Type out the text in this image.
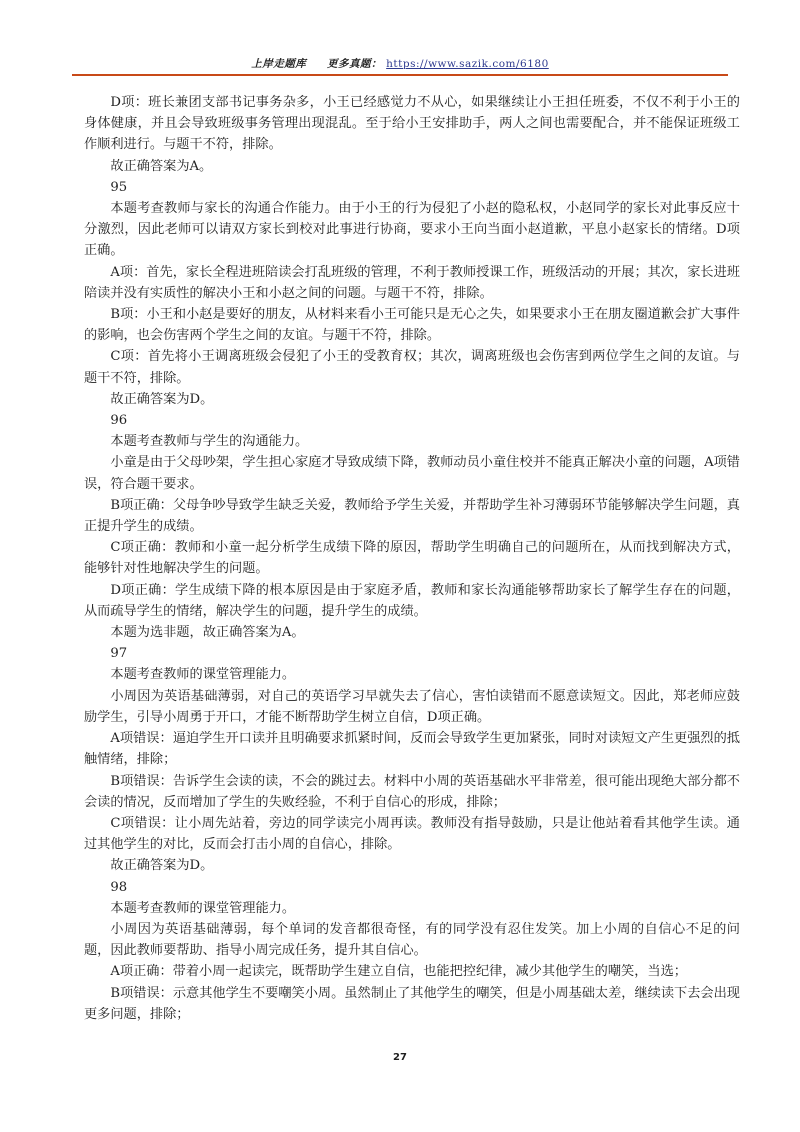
上岸走题库 更多真题： https://www.sazik.com/6180

D项：班长兼团支部书记事务杂多，小王已经感觉力不从心，如果继续让小王担任班委，不仅不利于小王的身体健康，并且会导致班级事务管理出现混乱。至于给小王安排助手，两人之间也需要配合，并不能保证班级工作顺利进行。与题干不符，排除。

故正确答案为A。

95

本题考查教师与家长的沟通合作能力。由于小王的行为侵犯了小赵的隐私权，小赵同学的家长对此事反应十分激烈，因此老师可以请双方家长到校对此事进行协商，要求小王向当面小赵道歉，平息小赵家长的情绪。D项正确。

A项：首先，家长全程进班陪读会打乱班级的管理，不利于教师授课工作，班级活动的开展；其次，家长进班陪读并没有实质性的解决小王和小赵之间的问题。与题干不符，排除。

B项：小王和小赵是要好的朋友，从材料来看小王可能只是无心之失，如果要求小王在朋友圈道歉会扩大事件的影响，也会伤害两个学生之间的友谊。与题干不符，排除。

C项：首先将小王调离班级会侵犯了小王的受教育权；其次，调离班级也会伤害到两位学生之间的友谊。与题干不符，排除。

故正确答案为D。

96

本题考查教师与学生的沟通能力。

小童是由于父母吵架，学生担心家庭才导致成绩下降，教师动员小童住校并不能真正解决小童的问题，A项错误，符合题干要求。

B项正确：父母争吵导致学生缺乏关爱，教师给予学生关爱，并帮助学生补习薄弱环节能够解决学生问题，真正提升学生的成绩。

C项正确：教师和小童一起分析学生成绩下降的原因，帮助学生明确自己的问题所在，从而找到解决方式，能够针对性地解决学生的问题。

D项正确：学生成绩下降的根本原因是由于家庭矛盾，教师和家长沟通能够帮助家长了解学生存在的问题，从而疏导学生的情绪，解决学生的问题，提升学生的成绩。

本题为选非题，故正确答案为A。

97

本题考查教师的课堂管理能力。

小周因为英语基础薄弱，对自己的英语学习早就失去了信心，害怕读错而不愿意读短文。因此，郑老师应鼓励学生，引导小周勇于开口，才能不断帮助学生树立自信，D项正确。

A项错误：逼迫学生开口读并且明确要求抓紧时间，反而会导致学生更加紧张，同时对读短文产生更强烈的抵触情绪，排除；

B项错误：告诉学生会读的读，不会的跳过去。材料中小周的英语基础水平非常差，很可能出现绝大部分都不会读的情况，反而增加了学生的失败经验，不利于自信心的形成，排除；

C项错误：让小周先站着，旁边的同学读完小周再读。教师没有指导鼓励，只是让他站着看其他学生读。通过其他学生的对比，反而会打击小周的自信心，排除。

故正确答案为D。

98

本题考查教师的课堂管理能力。

小周因为英语基础薄弱，每个单词的发音都很奇怪，有的同学没有忍住发笑。加上小周的自信心不足的问题，因此教师要帮助、指导小周完成任务，提升其自信心。

A项正确：带着小周一起读完，既帮助学生建立自信，也能把控纪律，减少其他学生的嘲笑，当选；

B项错误：示意其他学生不要嘲笑小周。虽然制止了其他学生的嘲笑，但是小周基础太差，继续读下去会出现更多问题，排除；

27
